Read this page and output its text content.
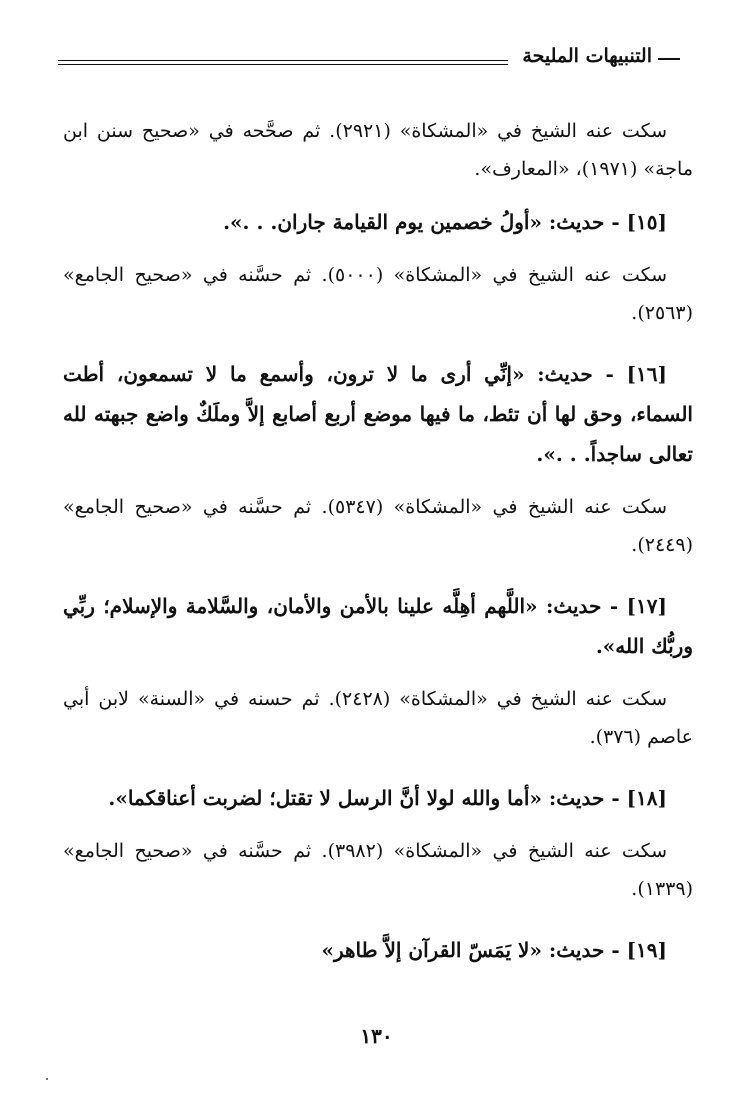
التنبيهات المليحة

سكت عنه الشيخ في «المشكاة» (٢٩٢١). ثم صحَّحه في «صحيح سنن ابن ماجة» (١٩٧١)، «المعارف».

[١٥] - حديث: «أولُ خصمين يوم القيامة جاران. . .».

سكت عنه الشيخ في «المشكاة» (٥٠٠٠). ثم حسَّنه في «صحيح الجامع» (٢٥٦٣).

[١٦] - حديث: «إنِّي أرى ما لا ترون، وأسمع ما لا تسمعون، أطت السماء، وحق لها أن تئط، ما فيها موضع أربع أصابع إلاَّ وملَكٌ واضع جبهته لله تعالى ساجداً. . .».

سكت عنه الشيخ في «المشكاة» (٥٣٤٧). ثم حسَّنه في «صحيح الجامع» (٢٤٤٩).

[١٧] - حديث: «اللَّهم أهِلَّه علينا بالأمن والأمان، والسَّلامة والإسلام؛ ربِّي وربُّك الله».

سكت عنه الشيخ في «المشكاة» (٢٤٢٨). ثم حسنه في «السنة» لابن أبي عاصم (٣٧٦).

[١٨] - حديث: «أما والله لولا أنَّ الرسل لا تقتل؛ لضربت أعناقكما».

سكت عنه الشيخ في «المشكاة» (٣٩٨٢). ثم حسَّنه في «صحيح الجامع» (١٣٣٩).

[١٩] - حديث: «لا يَمَسّ القرآن إلاَّ طاهر»

١٣٠
